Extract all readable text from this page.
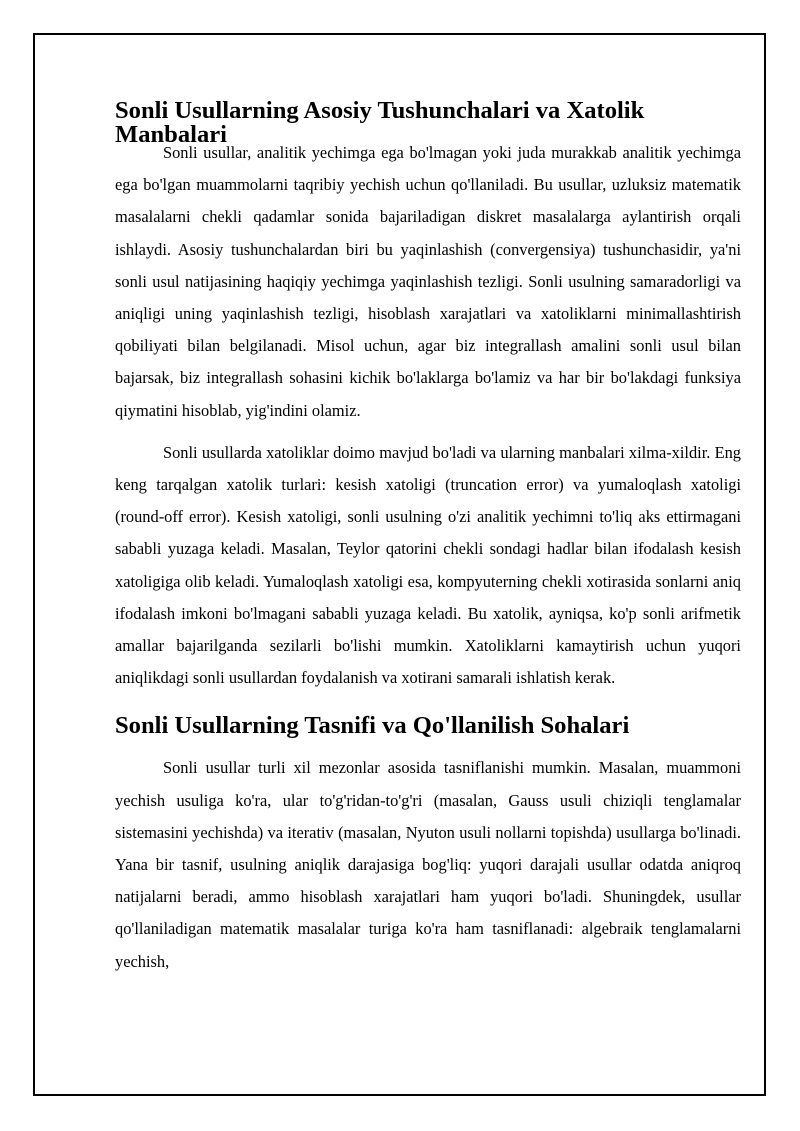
Sonli Usullarning Asosiy Tushunchalari va Xatolik Manbalari

Sonli usullar, analitik yechimga ega bo'lmagan yoki juda murakkab analitik yechimga ega bo'lgan muammolarni taqribiy yechish uchun qo'llaniladi. Bu usullar, uzluksiz matematik masalalarni chekli qadamlar sonida bajariladigan diskret masalalarga aylantirish orqali ishlaydi. Asosiy tushunchalardan biri bu yaqinlashish (convergensiya) tushunchasidir, ya'ni sonli usul natijasining haqiqiy yechimga yaqinlashish tezligi. Sonli usulning samaradorligi va aniqligi uning yaqinlashish tezligi, hisoblash xarajatlari va xatoliklarni minimallashtirish qobiliyati bilan belgilanadi. Misol uchun, agar biz integrallash amalini sonli usul bilan bajarsak, biz integrallash sohasini kichik bo'laklarga bo'lamiz va har bir bo'lakdagi funksiya qiymatini hisoblab, yig'indini olamiz.

Sonli usullarda xatoliklar doimo mavjud bo'ladi va ularning manbalari xilma-xildir. Eng keng tarqalgan xatolik turlari: kesish xatoligi (truncation error) va yumaloqlash xatoligi (round-off error). Kesish xatoligi, sonli usulning o'zi analitik yechimni to'liq aks ettirmagani sababli yuzaga keladi. Masalan, Teylor qatorini chekli sondagi hadlar bilan ifodalash kesish xatoligiga olib keladi. Yumaloqlash xatoligi esa, kompyuterning chekli xotirasida sonlarni aniq ifodalash imkoni bo'lmagani sababli yuzaga keladi. Bu xatolik, ayniqsa, ko'p sonli arifmetik amallar bajarilganda sezilarli bo'lishi mumkin. Xatoliklarni kamaytirish uchun yuqori aniqlikdagi sonli usullardan foydalanish va xotirani samarali ishlatish kerak.

Sonli Usullarning Tasnifi va Qo'llanilish Sohalari

Sonli usullar turli xil mezonlar asosida tasniflanishi mumkin. Masalan, muammoni yechish usuliga ko'ra, ular to'g'ridan-to'g'ri (masalan, Gauss usuli chiziqli tenglamalar sistemasini yechishda) va iterativ (masalan, Nyuton usuli nollarni topishda) usullarga bo'linadi. Yana bir tasnif, usulning aniqlik darajasiga bog'liq: yuqori darajali usullar odatda aniqroq natijalarni beradi, ammo hisoblash xarajatlari ham yuqori bo'ladi. Shuningdek, usullar qo'llaniladigan matematik masalalar turiga ko'ra ham tasniflanadi: algebraik tenglamalarni yechish,
